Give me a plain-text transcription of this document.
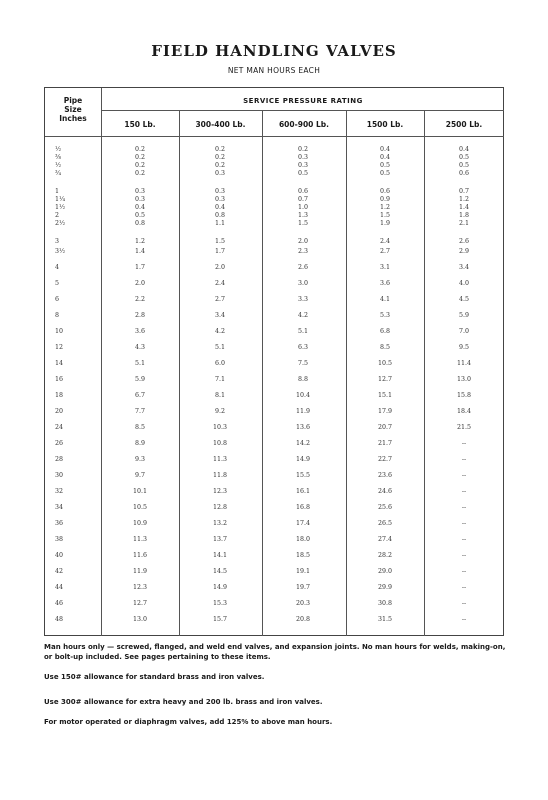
FIELD HANDLING VALVES
NET MAN HOURS EACH
Pipe
Size
Inches
SERVICE PRESSURE RATING
150 Lb.	300-400 Lb.	600-900 Lb.	1500 Lb.	2500 Lb.
½	0.2	0.2	0.2	0.4	0.4
⅜	0.2	0.2	0.3	0.4	0.5
½	0.2	0.2	0.3	0.5	0.5
¾	0.2	0.3	0.5	0.5	0.6
1	0.3	0.3	0.6	0.6	0.7
1¼	0.3	0.3	0.7	0.9	1.2
1½	0.4	0.4	1.0	1.2	1.4
2	0.5	0.8	1.3	1.5	1.8
2½	0.8	1.1	1.5	1.9	2.1
3	1.2	1.5	2.0	2.4	2.6
3½	1.4	1.7	2.3	2.7	2.9
4	1.7	2.0	2.6	3.1	3.4
5	2.0	2.4	3.0	3.6	4.0
6	2.2	2.7	3.3	4.1	4.5
8	2.8	3.4	4.2	5.3	5.9
10	3.6	4.2	5.1	6.8	7.0
12	4.3	5.1	6.3	8.5	9.5
14	5.1	6.0	7.5	10.5	11.4
16	5.9	7.1	8.8	12.7	13.0
18	6.7	8.1	10.4	15.1	15.8
20	7.7	9.2	11.9	17.9	18.4
24	8.5	10.3	13.6	20.7	21.5
26	8.9	10.8	14.2	21.7	--
28	9.3	11.3	14.9	22.7	--
30	9.7	11.8	15.5	23.6	--
32	10.1	12.3	16.1	24.6	--
34	10.5	12.8	16.8	25.6	--
36	10.9	13.2	17.4	26.5	--
38	11.3	13.7	18.0	27.4	--
40	11.6	14.1	18.5	28.2	--
42	11.9	14.5	19.1	29.0	--
44	12.3	14.9	19.7	29.9	--
46	12.7	15.3	20.3	30.8	--
48	13.0	15.7	20.8	31.5	--
Man hours only — screwed, flanged, and weld end valves, and expansion joints. No man hours for welds, making-on, or bolt-up included. See pages pertaining to these items.
Use 150# allowance for standard brass and iron valves.
Use 300# allowance for extra heavy and 200 lb. brass and iron valves.
For motor operated or diaphragm valves, add 125% to above man hours.
